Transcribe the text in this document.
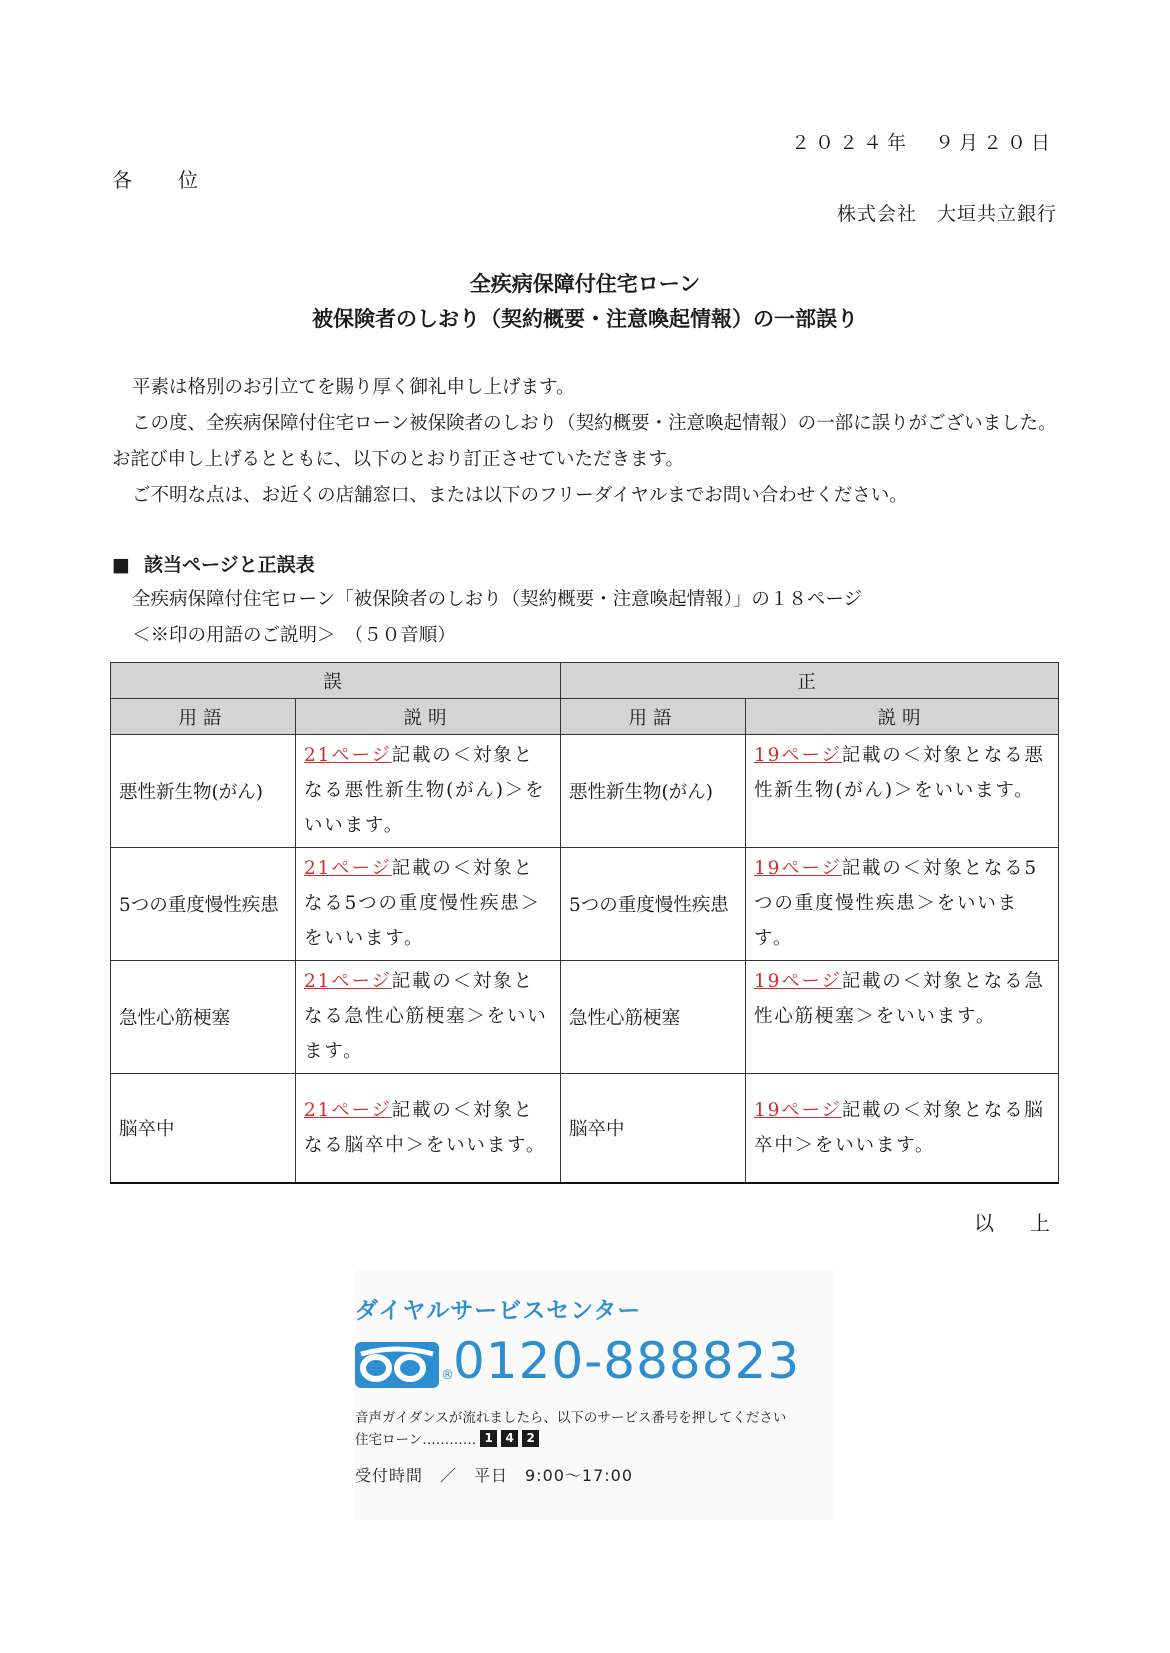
２０２４年　９月２０日
各　　位
株式会社　大垣共立銀行
全疾病保障付住宅ローン
被保険者のしおり（契約概要・注意喚起情報）の一部誤り

平素は格別のお引立てを賜り厚く御礼申し上げます。

この度、全疾病保障付住宅ローン被保険者のしおり（契約概要・注意喚起情報）の一部に誤りがございました。お詫び申し上げるとともに、以下のとおり訂正させていただきます。

ご不明な点は、お近くの店舗窓口、または以下のフリーダイヤルまでお問い合わせください。

■ 該当ページと正誤表
全疾病保障付住宅ローン「被保険者のしおり（契約概要・注意喚起情報）」の１８ページ
＜※印の用語のご説明＞　（５０音順）
誤		正	
用語	説明	用語	説明
悪性新生物(がん)	21ページ記載の＜対象となる悪性新生物(がん)＞をいいます。	悪性新生物(がん)	19ページ記載の＜対象となる悪性新生物(がん)＞をいいます。
5つの重度慢性疾患	21ページ記載の＜対象となる5つの重度慢性疾患＞をいいます。	5つの重度慢性疾患	19ページ記載の＜対象となる5つの重度慢性疾患＞をいいます。
急性心筋梗塞	21ページ記載の＜対象となる急性心筋梗塞＞をいいます。	急性心筋梗塞	19ページ記載の＜対象となる急性心筋梗塞＞をいいます。
脳卒中	21ページ記載の＜対象となる脳卒中＞をいいます。	脳卒中	19ページ記載の＜対象となる脳卒中＞をいいます。
以　上
ダイヤルサービスセンター
® 0120-888823
音声ガイダンスが流れましたら、以下のサービス番号を押してください
住宅ローン………… 1	4	2
受付時間　／　平日　9:00～17:00
